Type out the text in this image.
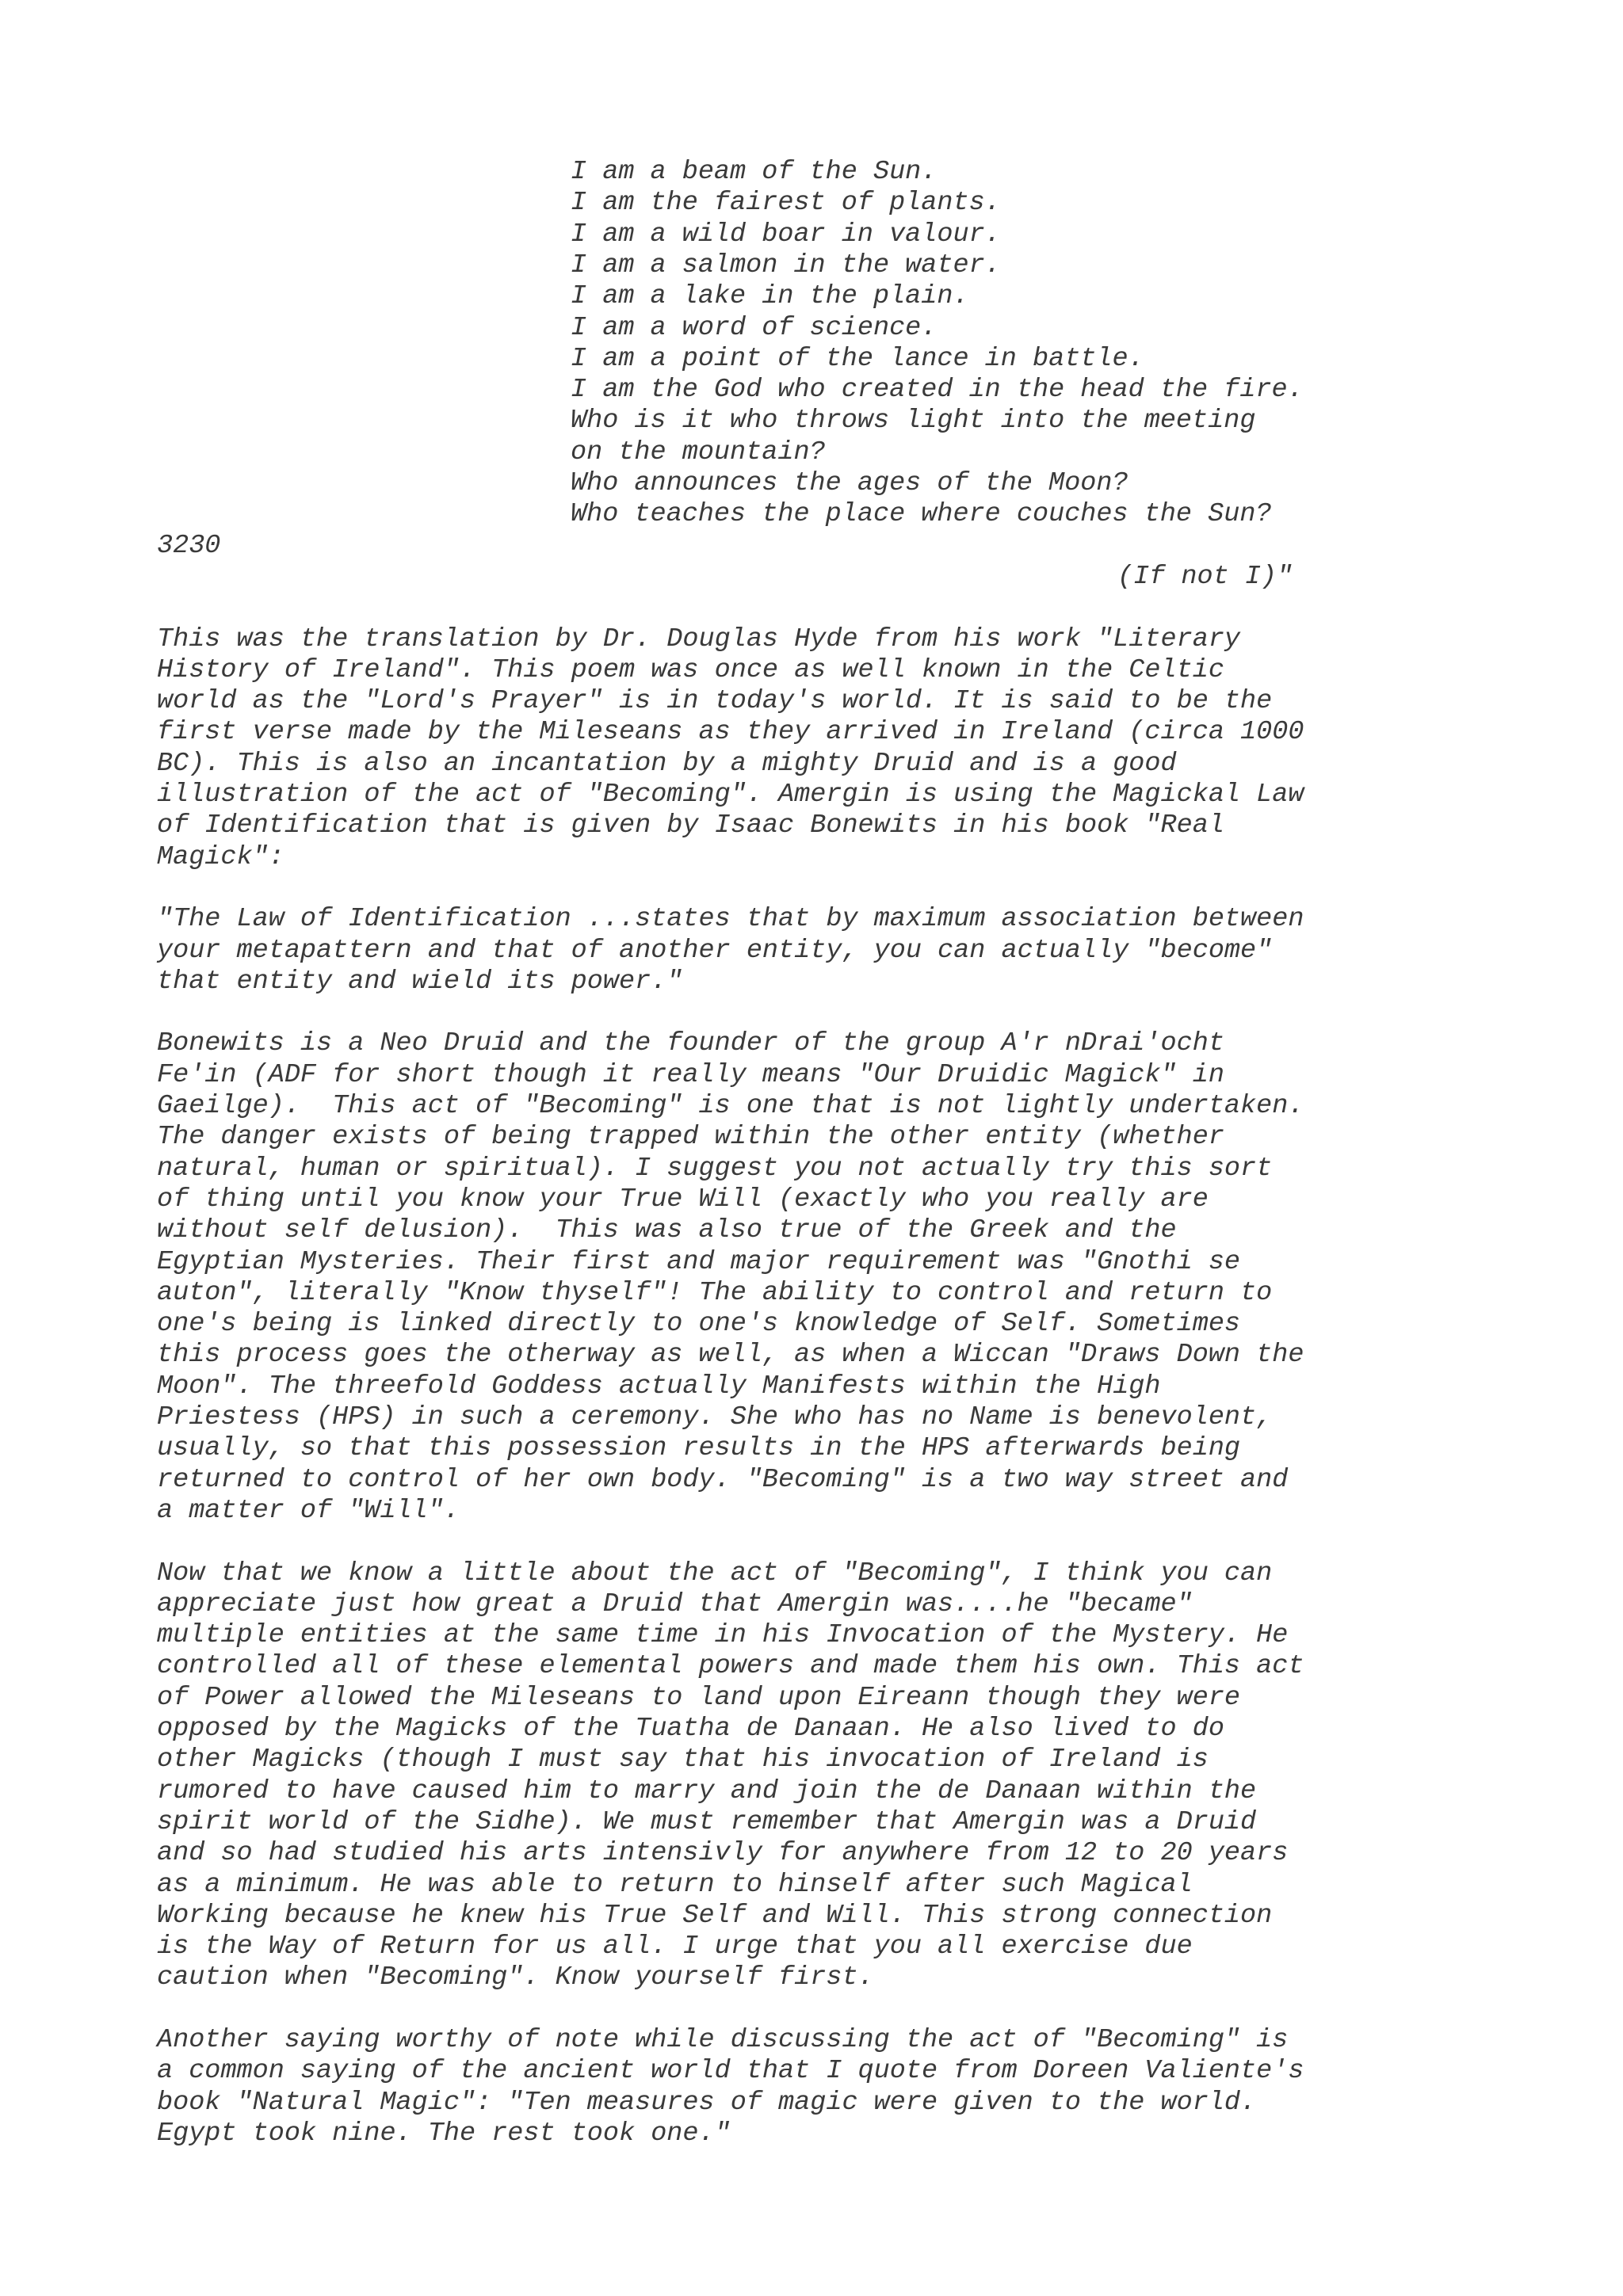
I am a beam of the Sun.
I am the fairest of plants.
I am a wild boar in valour.
I am a salmon in the water.
I am a lake in the plain.
I am a word of science.
I am a point of the lance in battle.
I am the God who created in the head the fire.
Who is it who throws light into the meeting
on the mountain?
Who announces the ages of the Moon?
Who teaches the place where couches the Sun?
3230
(If not I)"
This was the translation by Dr. Douglas Hyde from his work "Literary
History of Ireland". This poem was once as well known in the Celtic
world as the "Lord's Prayer" is in today's world. It is said to be the
first verse made by the Mileseans as they arrived in Ireland (circa 1000
BC). This is also an incantation by a mighty Druid and is a good
illustration of the act of "Becoming". Amergin is using the Magickal Law
of Identification that is given by Isaac Bonewits in his book "Real
Magick":
"The Law of Identification ...states that by maximum association between
your metapattern and that of another entity, you can actually "become"
that entity and wield its power."
Bonewits is a Neo Druid and the founder of the group A'r nDrai'ocht
Fe'in (ADF for short though it really means "Our Druidic Magick" in
Gaeilge).  This act of "Becoming" is one that is not lightly undertaken.
The danger exists of being trapped within the other entity (whether
natural, human or spiritual). I suggest you not actually try this sort
of thing until you know your True Will (exactly who you really are
without self delusion).  This was also true of the Greek and the
Egyptian Mysteries. Their first and major requirement was "Gnothi se
auton", literally "Know thyself"! The ability to control and return to
one's being is linked directly to one's knowledge of Self. Sometimes
this process goes the otherway as well, as when a Wiccan "Draws Down the
Moon". The threefold Goddess actually Manifests within the High
Priestess (HPS) in such a ceremony. She who has no Name is benevolent,
usually, so that this possession results in the HPS afterwards being
returned to control of her own body. "Becoming" is a two way street and
a matter of "Will".
Now that we know a little about the act of "Becoming", I think you can
appreciate just how great a Druid that Amergin was....he "became"
multiple entities at the same time in his Invocation of the Mystery. He
controlled all of these elemental powers and made them his own. This act
of Power allowed the Mileseans to land upon Eireann though they were
opposed by the Magicks of the Tuatha de Danaan. He also lived to do
other Magicks (though I must say that his invocation of Ireland is
rumored to have caused him to marry and join the de Danaan within the
spirit world of the Sidhe). We must remember that Amergin was a Druid
and so had studied his arts intensivly for anywhere from 12 to 20 years
as a minimum. He was able to return to hinself after such Magical
Working because he knew his True Self and Will. This strong connection
is the Way of Return for us all. I urge that you all exercise due
caution when "Becoming". Know yourself first.
Another saying worthy of note while discussing the act of "Becoming" is
a common saying of the ancient world that I quote from Doreen Valiente's
book "Natural Magic": "Ten measures of magic were given to the world.
Egypt took nine. The rest took one."
